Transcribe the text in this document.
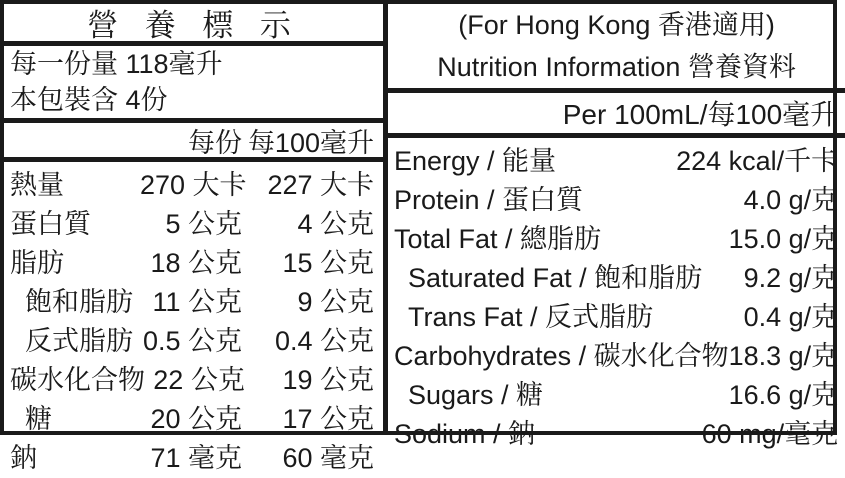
營 養 標 示
每一份量 118毫升
本包裝含 4份
每份 每100毫升
熱量	270 大卡 227 大卡
蛋白質	5 公克	4 公克
脂肪	18 公克	15 公克
飽和脂肪 11 公克	9 公克
反式脂肪 0.5 公克	0.4 公克
碳水化合物 22 公克	19 公克
糖	20 公克	17 公克
鈉	71 毫克	60 毫克
(For Hong Kong 香港適用)
Nutrition Information 營養資料
Per 100mL/每100毫升
Energy / 能量	224 kcal/千卡
Protein / 蛋白質	4.0 g/克
Total Fat / 總脂肪	15.0 g/克
Saturated Fat / 飽和脂肪	9.2 g/克
Trans Fat / 反式脂肪	0.4 g/克
Carbohydrates / 碳水化合物 18.3 g/克
Sugars / 糖	16.6 g/克
Sodium / 鈉	60 mg/毫克
